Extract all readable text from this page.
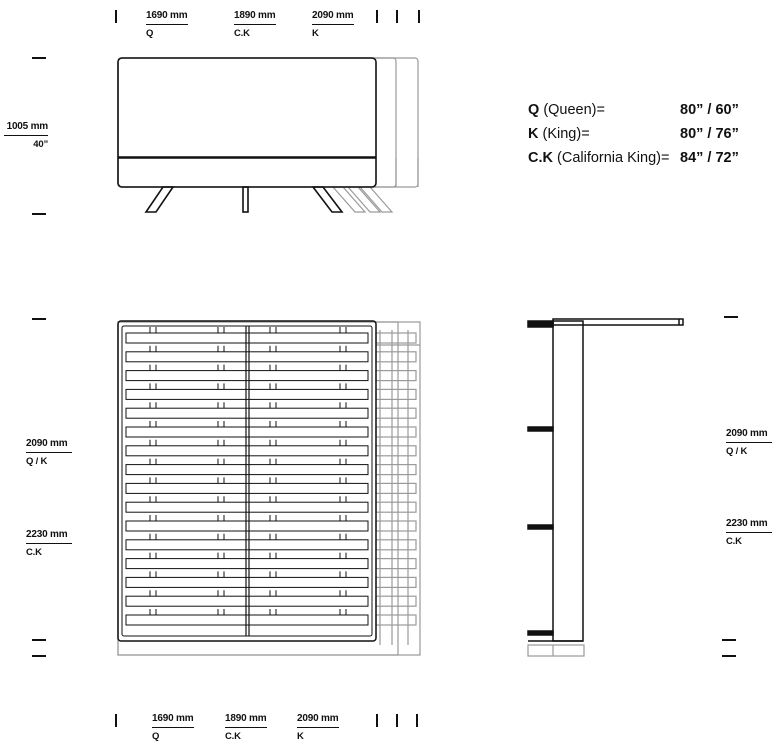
1690 mm
Q
1890 mm
C.K
2090 mm
K
1005 mm
40”
Q (Queen)=	80” / 60”
K (King)=	80” / 76”
C.K (California King)= 84” / 72”
2090 mm
Q / K
2230 mm
C.K
2090 mm
Q / K
2230 mm
C.K
1690 mm
Q
1890 mm
C.K
2090 mm
K
